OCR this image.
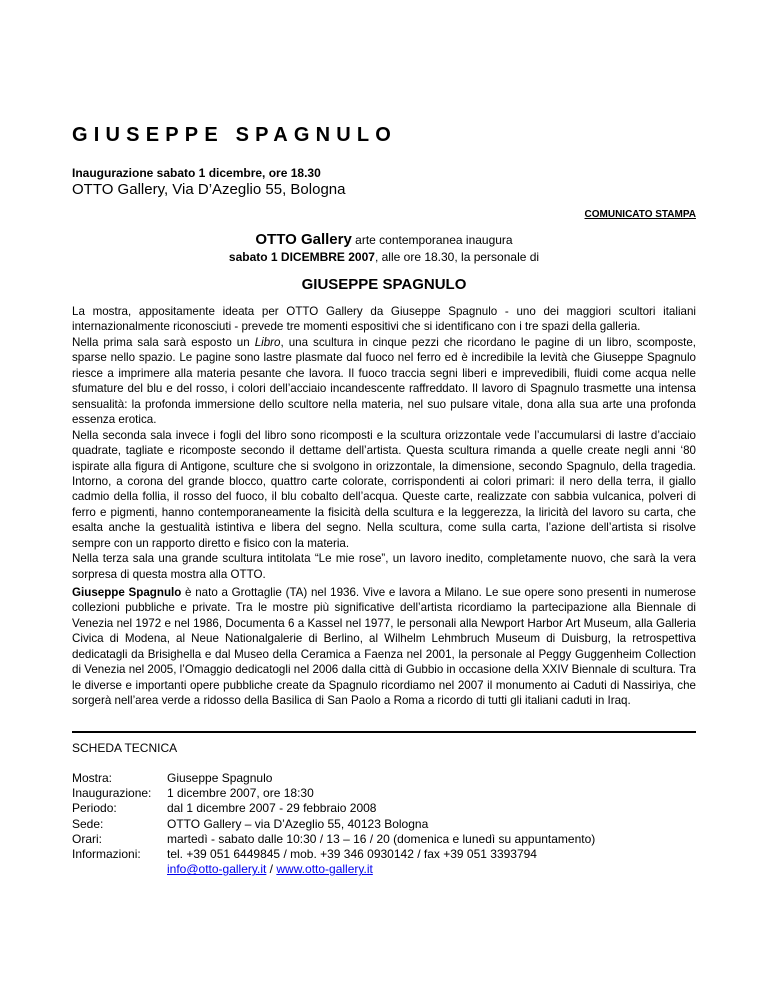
GIUSEPPE SPAGNULO
Inaugurazione sabato 1 dicembre, ore 18.30
OTTO Gallery, Via D’Azeglio 55, Bologna
COMUNICATO STAMPA
OTTO Gallery arte contemporanea inaugura
sabato 1 DICEMBRE 2007, alle ore 18.30, la personale di
GIUSEPPE SPAGNULO

La mostra, appositamente ideata per OTTO Gallery da Giuseppe Spagnulo - uno dei maggiori scultori italiani internazionalmente riconosciuti - prevede tre momenti espositivi che si identificano con i tre spazi della galleria.

Nella prima sala sarà esposto un Libro, una scultura in cinque pezzi che ricordano le pagine di un libro, scomposte, sparse nello spazio. Le pagine sono lastre plasmate dal fuoco nel ferro ed è incredibile la levità che Giuseppe Spagnulo riesce a imprimere alla materia pesante che lavora. Il fuoco traccia segni liberi e imprevedibili, fluidi come acqua nelle sfumature del blu e del rosso, i colori dell’acciaio incandescente raffreddato. Il lavoro di Spagnulo trasmette una intensa sensualità: la profonda immersione dello scultore nella materia, nel suo pulsare vitale, dona alla sua arte una profonda essenza erotica.

Nella seconda sala invece i fogli del libro sono ricomposti e la scultura orizzontale vede l’accumularsi di lastre d’acciaio quadrate, tagliate e ricomposte secondo il dettame dell’artista. Questa scultura rimanda a quelle create negli anni ‘80 ispirate alla figura di Antigone, sculture che si svolgono in orizzontale, la dimensione, secondo Spagnulo, della tragedia. Intorno, a corona del grande blocco, quattro carte colorate, corrispondenti ai colori primari: il nero della terra, il giallo cadmio della follia, il rosso del fuoco, il blu cobalto dell’acqua. Queste carte, realizzate con sabbia vulcanica, polveri di ferro e pigmenti, hanno contemporaneamente la fisicità della scultura e la leggerezza, la liricità del lavoro su carta, che esalta anche la gestualità istintiva e libera del segno. Nella scultura, come sulla carta, l’azione dell’artista si risolve sempre con un rapporto diretto e fisico con la materia.

Nella terza sala una grande scultura intitolata “Le mie rose”, un lavoro inedito, completamente nuovo, che sarà la vera sorpresa di questa mostra alla OTTO.

Giuseppe Spagnulo è nato a Grottaglie (TA) nel 1936. Vive e lavora a Milano. Le sue opere sono presenti in numerose collezioni pubbliche e private. Tra le mostre più significative dell’artista ricordiamo la partecipazione alla Biennale di Venezia nel 1972 e nel 1986, Documenta 6 a Kassel nel 1977, le personali alla Newport Harbor Art Museum, alla Galleria Civica di Modena, al Neue Nationalgalerie di Berlino, al Wilhelm Lehmbruch Museum di Duisburg, la retrospettiva dedicatagli da Brisighella e dal Museo della Ceramica a Faenza nel 2001, la personale al Peggy Guggenheim Collection di Venezia nel 2005, l’Omaggio dedicatogli nel 2006 dalla città di Gubbio in occasione della XXIV Biennale di scultura. Tra le diverse e importanti opere pubbliche create da Spagnulo ricordiamo nel 2007 il monumento ai Caduti di Nassiriya, che sorgerà nell’area verde a ridosso della Basilica di San Paolo a Roma a ricordo di tutti gli italiani caduti in Iraq.

SCHEDA TECNICA
Mostra:	Giuseppe Spagnulo
Inaugurazione:	1 dicembre 2007, ore 18:30
Periodo:	dal 1 dicembre 2007 - 29 febbraio 2008
Sede:	OTTO Gallery – via D’Azeglio 55, 40123 Bologna
Orari:	martedì - sabato dalle 10:30 / 13 – 16 / 20 (domenica e lunedì su appuntamento)
Informazioni:	tel. +39 051 6449845 / mob. +39 346 0930142 / fax +39 051 3393794
info@otto-gallery.it / www.otto-gallery.it
